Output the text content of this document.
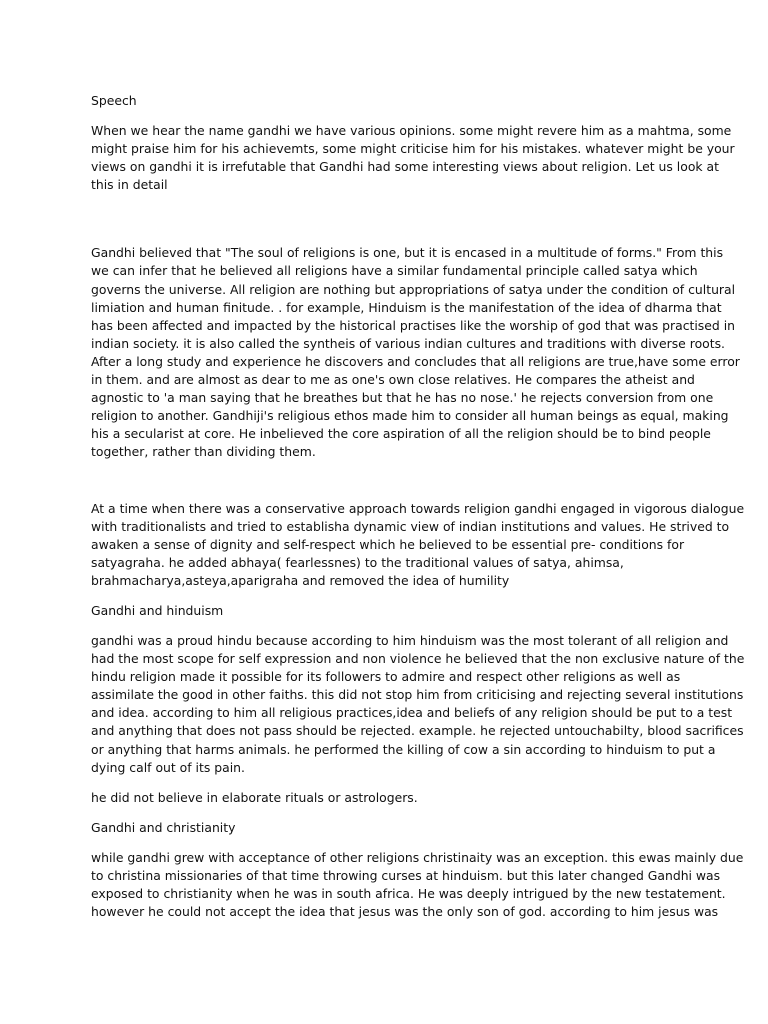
Speech

When we hear the name gandhi we have various opinions. some might revere him as a mahtma, some
might praise him for his achievemts, some might criticise him for his mistakes. whatever might be your
views on gandhi it is irrefutable that Gandhi had some interesting views about religion. Let us look at
this in detail

Gandhi believed that "The soul of religions is one, but it is encased in a multitude of forms." From this
we can infer that he believed all religions have a similar fundamental principle called satya which
governs the universe. All religion are nothing but appropriations of satya under the condition of cultural
limiation and human finitude. . for example, Hinduism is the manifestation of the idea of dharma that
has been affected and impacted by the historical practises like the worship of god that was practised in
indian society. it is also called the syntheis of various indian cultures and traditions with diverse roots.
After a long study and experience he discovers and concludes that all religions are true,have some error
in them. and are almost as dear to me as one's own close relatives. He compares the atheist and
agnostic to 'a man saying that he breathes but that he has no nose.' he rejects conversion from one
religion to another. Gandhiji's religious ethos made him to consider all human beings as equal, making
his a secularist at core. He inbelieved the core aspiration of all the religion should be to bind people
together, rather than dividing them.

At a time when there was a conservative approach towards religion gandhi engaged in vigorous dialogue
with traditionalists and tried to establisha dynamic view of indian institutions and values. He strived to
awaken a sense of dignity and self-respect which he believed to be essential pre- conditions for
satyagraha. he added abhaya( fearlessnes) to the traditional values of satya, ahimsa,
brahmacharya,asteya,aparigraha and removed the idea of humility

Gandhi and hinduism

gandhi was a proud hindu because according to him hinduism was the most tolerant of all religion and
had the most scope for self expression and non violence he believed that the non exclusive nature of the
hindu religion made it possible for its followers to admire and respect other religions as well as
assimilate the good in other faiths. this did not stop him from criticising and rejecting several institutions
and idea. according to him all religious practices,idea and beliefs of any religion should be put to a test
and anything that does not pass should be rejected. example. he rejected untouchabilty, blood sacrifices
or anything that harms animals. he performed the killing of cow a sin according to hinduism to put a
dying calf out of its pain.

he did not believe in elaborate rituals or astrologers.

Gandhi and christianity

while gandhi grew with acceptance of other religions christinaity was an exception. this ewas mainly due
to christina missionaries of that time throwing curses at hinduism. but this later changed Gandhi was
exposed to christianity when he was in south africa. He was deeply intrigued by the new testatement.
however he could not accept the idea that jesus was the only son of god. according to him jesus was
